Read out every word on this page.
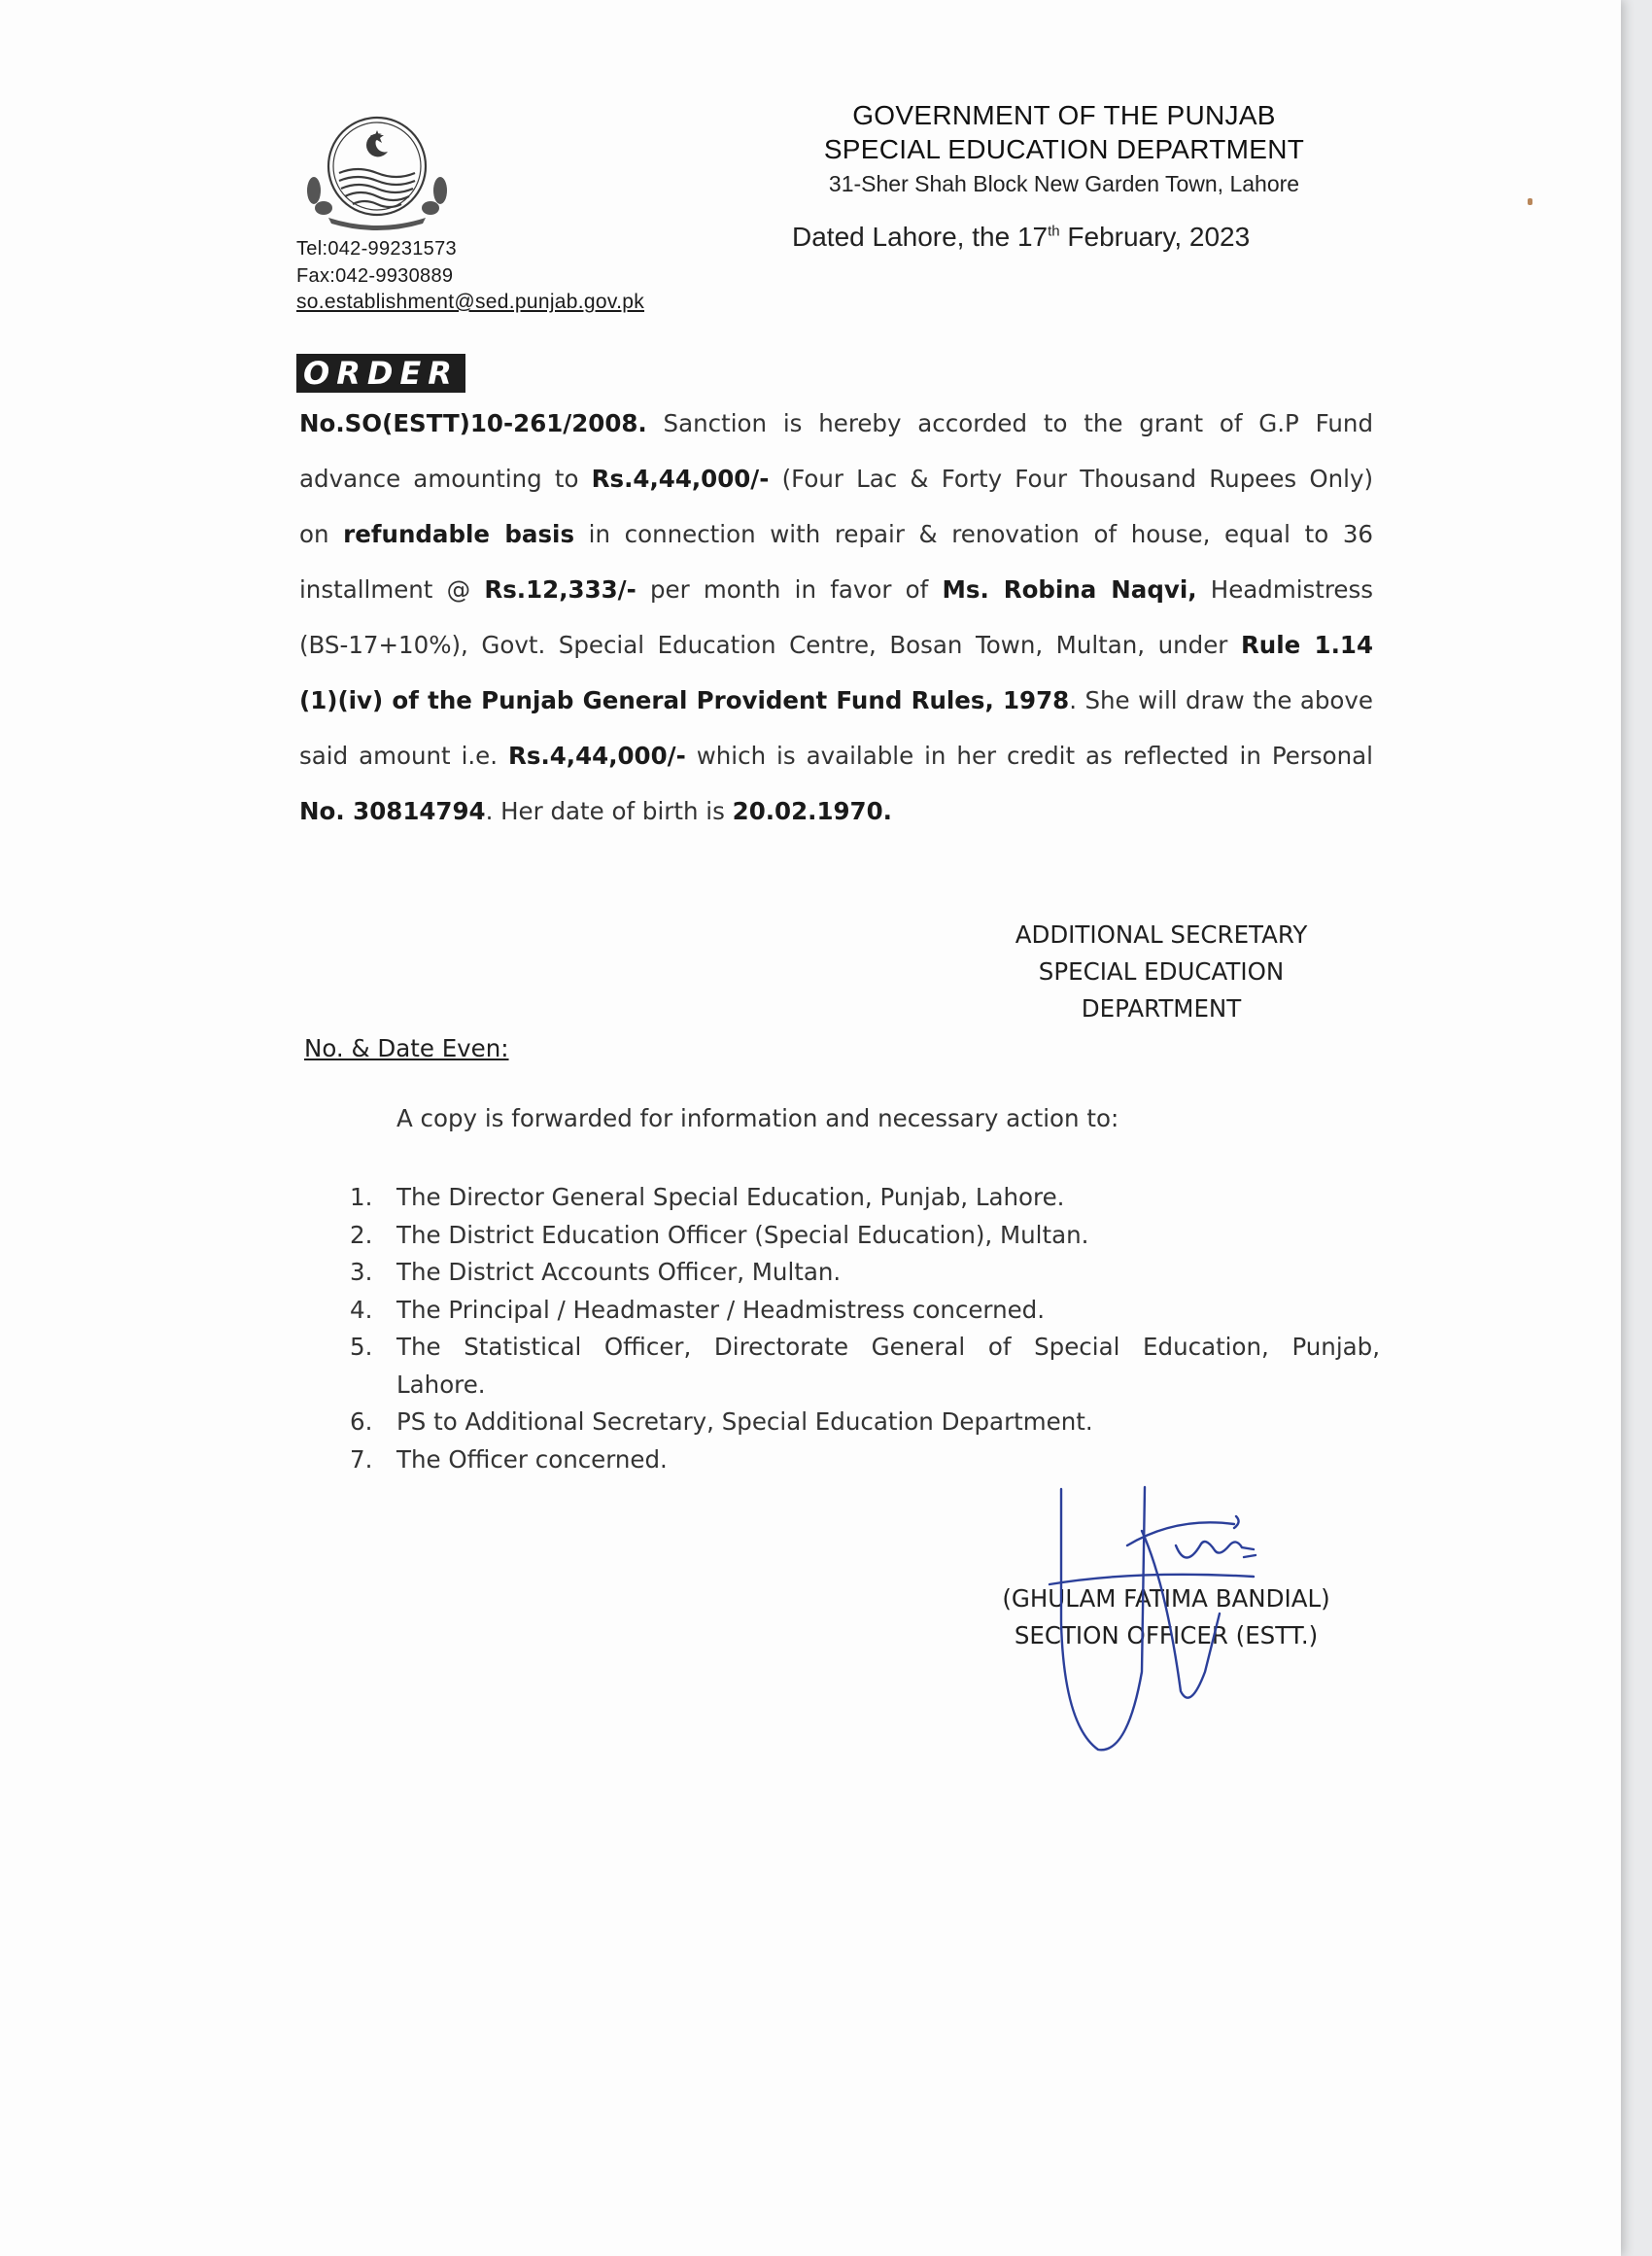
GOVERNMENT OF THE PUNJAB
SPECIAL EDUCATION DEPARTMENT
31-Sher Shah Block New Garden Town, Lahore
Tel:042-99231573
Fax:042-9930889
so.establishment@sed.punjab.gov.pk
Dated Lahore, the 17th February, 2023
ORDER
No.SO(ESTT)10-261/2008. Sanction is hereby accorded to the grant of G.P Fund
advance amounting to Rs.4,44,000/- (Four Lac & Forty Four Thousand Rupees Only)
on refundable basis in connection with repair & renovation of house, equal to 36
installment @ Rs.12,333/- per month in favor of Ms. Robina Naqvi, Headmistress
(BS-17+10%), Govt. Special Education Centre, Bosan Town, Multan, under Rule 1.14
(1)(iv) of the Punjab General Provident Fund Rules, 1978. She will draw the above
said amount i.e. Rs.4,44,000/- which is available in her credit as reflected in Personal
No. 30814794. Her date of birth is 20.02.1970.
ADDITIONAL SECRETARY
SPECIAL EDUCATION
DEPARTMENT
No. & Date Even:
A copy is forwarded for information and necessary action to:
1. The Director General Special Education, Punjab, Lahore.
2. The District Education Officer (Special Education), Multan.
3. The District Accounts Officer, Multan.
4. The Principal / Headmaster / Headmistress concerned.
5. The Statistical Officer, Directorate General of Special Education, Punjab,
Lahore.
6. PS to Additional Secretary, Special Education Department.
7. The Officer concerned.
(GHULAM FATIMA BANDIAL)
SECTION OFFICER (ESTT.)
